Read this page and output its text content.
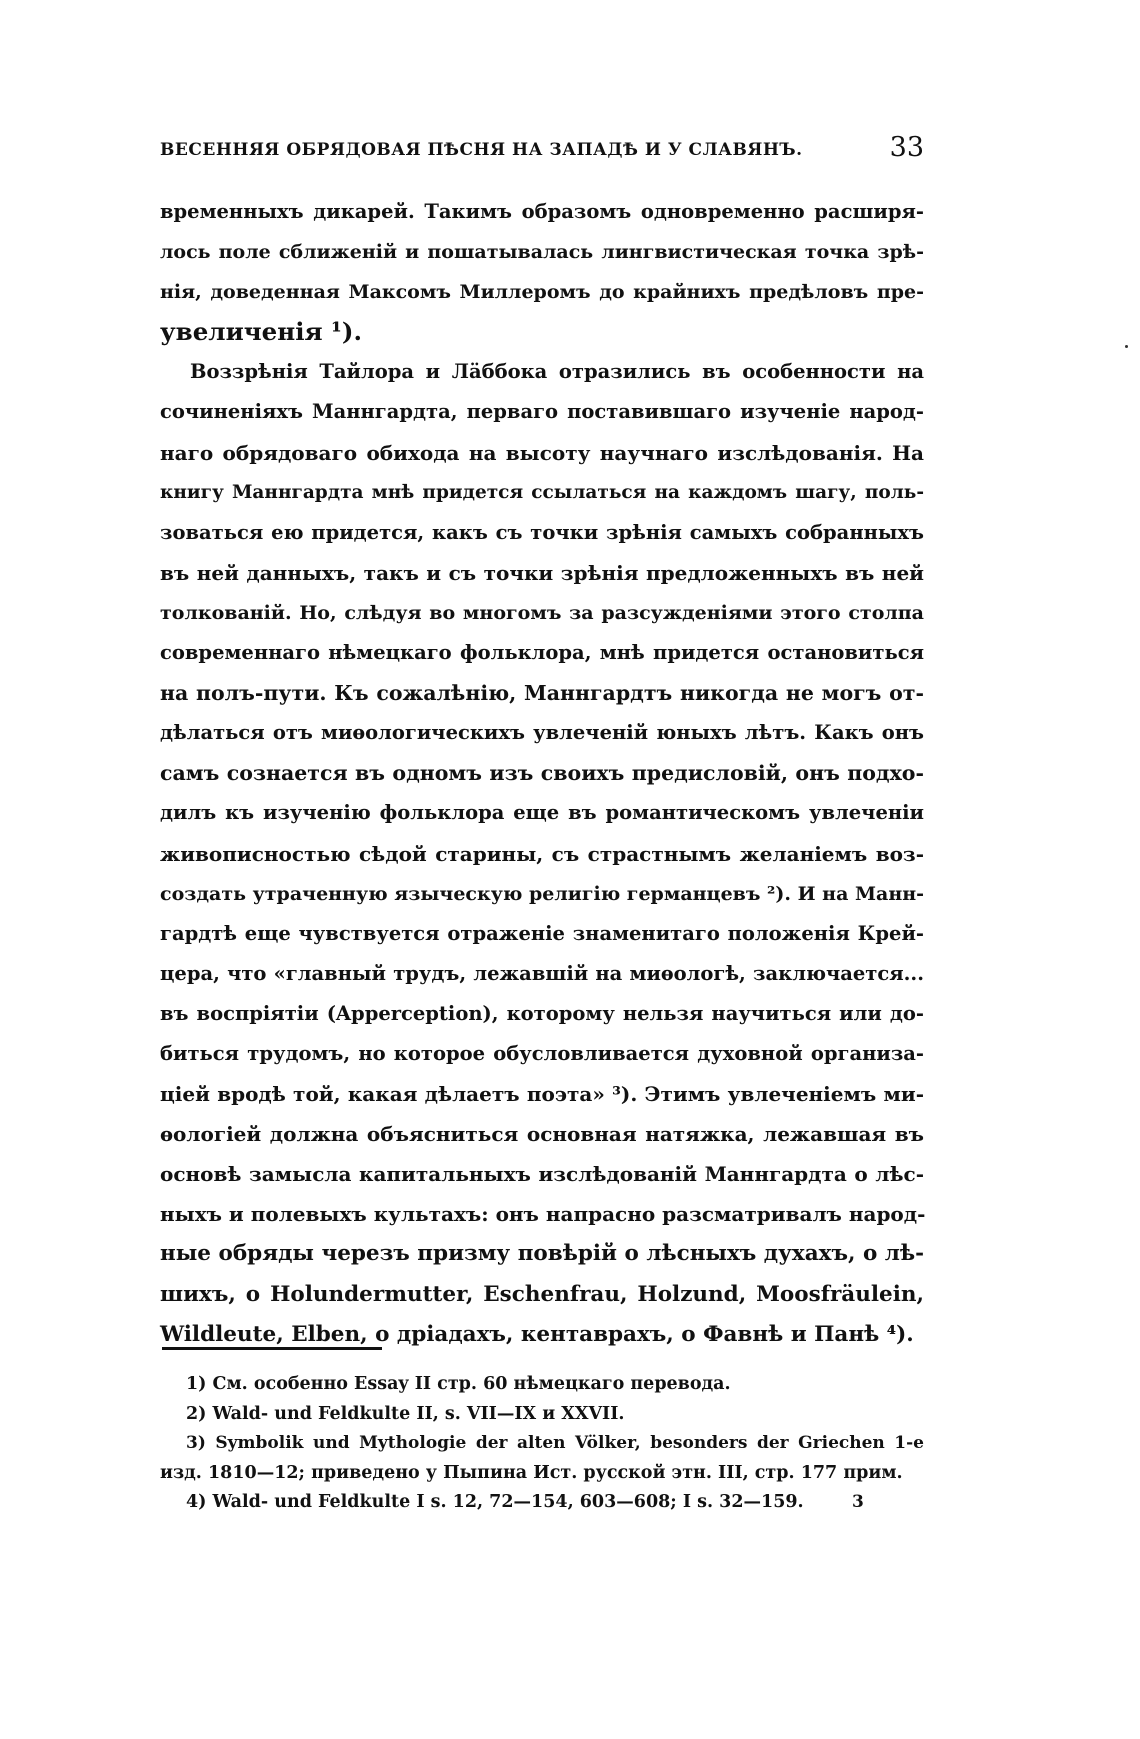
ВЕСЕННЯЯ ОБРЯДОВАЯ ПѢСНЯ НА ЗАПАДѢ И У СЛАВЯНЪ.	33
временныхъ дикарей. Такимъ образомъ одновременно расширя-
лось поле сближеній и пошатывалась лингвистическая точка зрѣ-
нія, доведенная Максомъ Миллеромъ до крайнихъ предѣловъ пре-
увеличенія ¹).
Воззрѣнія Тайлора и Лäббока отразились въ особенности на
сочиненіяхъ Маннгардта, перваго поставившаго изученіе народ-
наго обрядоваго обихода на высоту научнаго изслѣдованія. На
книгу Маннгардта мнѣ придется ссылаться на каждомъ шагу, поль-
зоваться ею придется, какъ съ точки зрѣнія самыхъ собранныхъ
въ ней данныхъ, такъ и съ точки зрѣнія предложенныхъ въ ней
толкованій. Но, слѣдуя во многомъ за разсужденіями этого столпа
современнаго нѣмецкаго фольклора, мнѣ придется остановиться
на полъ-пути. Къ сожалѣнію, Маннгардтъ никогда не могъ от-
дѣлаться отъ миѳологическихъ увлеченій юныхъ лѣтъ. Какъ онъ
самъ сознается въ одномъ изъ своихъ предисловій, онъ подхо-
дилъ къ изученію фольклора еще въ романтическомъ увлеченіи
живописностью сѣдой старины, съ страстнымъ желаніемъ воз-
создать утраченную языческую религію германцевъ ²). И на Манн-
гардтѣ еще чувствуется отраженіе знаменитаго положенія Крей-
цера, что «главный трудъ, лежавшій на миѳологѣ, заключается...
въ воспріятіи (Apperception), которому нельзя научиться или до-
биться трудомъ, но которое обусловливается духовной организа-
ціей вродѣ той, какая дѣлаетъ поэта» ³). Этимъ увлеченіемъ ми-
ѳологіей должна объясниться основная натяжка, лежавшая въ
основѣ замысла капитальныхъ изслѣдованій Маннгардта о лѣс-
ныхъ и полевыхъ культахъ: онъ напрасно разсматривалъ народ-
ные обряды черезъ призму повѣрій о лѣсныхъ духахъ, о лѣ-
шихъ, о Holundermutter, Eschenfrau, Holzund, Moosfräulein,
Wildleute, Elben, о дріадахъ, кентаврахъ, о Фавнѣ и Панѣ ⁴).
1) См. особенно Essay II стр. 60 нѣмецкаго перевода.
2) Wald- und Feldkulte II, s. VII—IX и XXVII.
3) Symbolik und Mythologie der alten Völker, besonders der Griechen 1-е
изд. 1810—12; приведено у Пыпина Ист. русской этн. III, стр. 177 прим.
4) Wald- und Feldkulte I s. 12, 72—154, 603—608; I s. 32—159.	3
